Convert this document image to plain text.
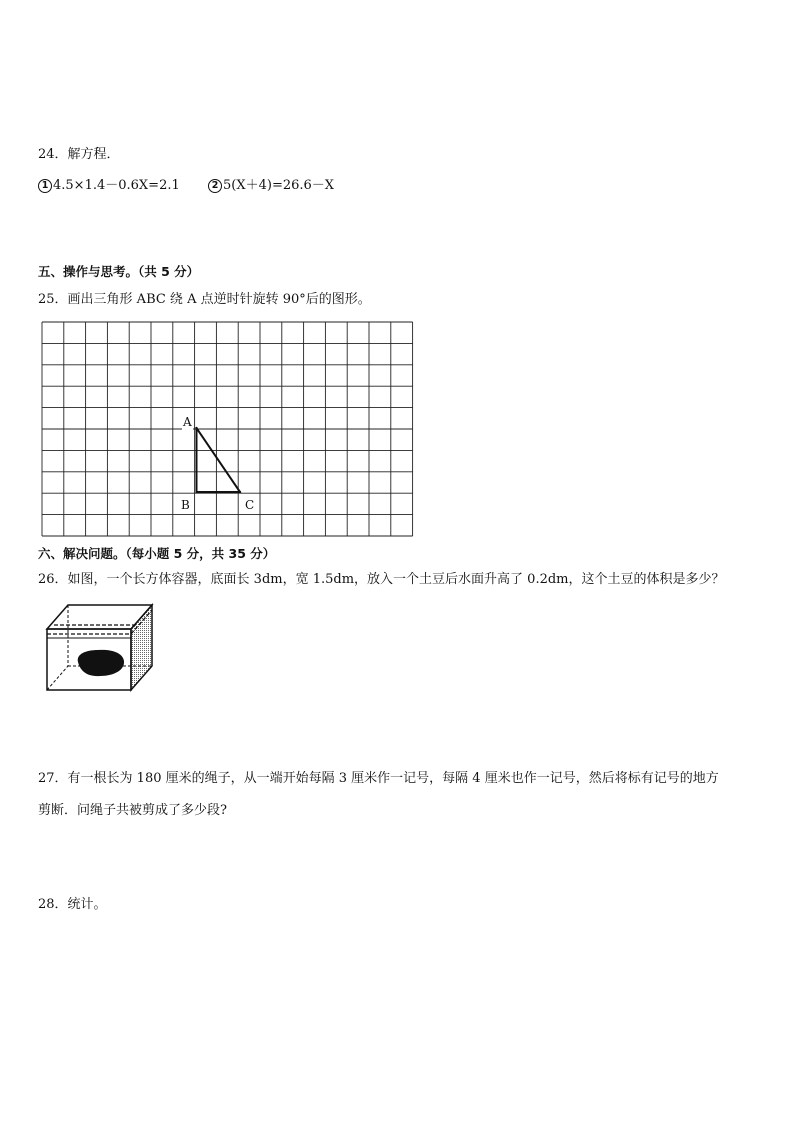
24．解方程．
1 4.5×1.4－0.6X=2.1	2 5(X＋4)=26.6－X
五、操作与思考。（共 5 分）
25．画出三角形 ABC 绕 A 点逆时针旋转 90°后的图形。
A
B	C
六、解决问题。（每小题 5 分，共 35 分）
26．如图，一个长方体容器，底面长 3dm，宽 1.5dm，放入一个土豆后水面升高了 0.2dm，这个土豆的体积是多少？
27．有一根长为 180 厘米的绳子，从一端开始每隔 3 厘米作一记号，每隔 4 厘米也作一记号，然后将标有记号的地方
剪断．问绳子共被剪成了多少段?
28．统计。
